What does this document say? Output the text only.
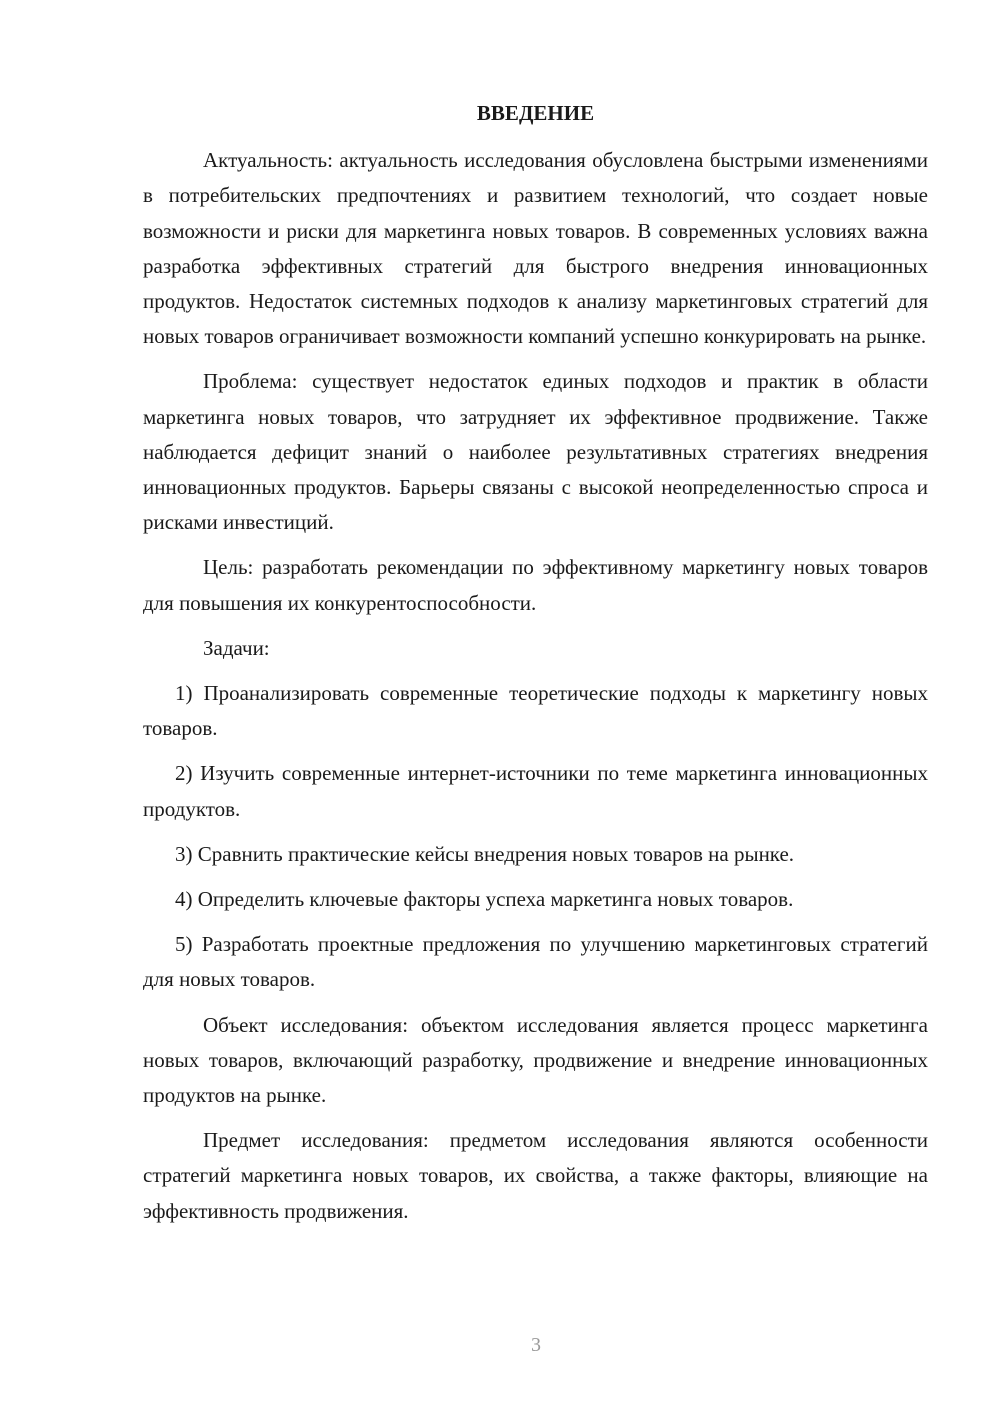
ВВЕДЕНИЕ

Актуальность: актуальность исследования обусловлена быстрыми изменениями в потребительских предпочтениях и развитием технологий, что создает новые возможности и риски для маркетинга новых товаров. В современных условиях важна разработка эффективных стратегий для быстрого внедрения инновационных продуктов. Недостаток системных подходов к анализу маркетинговых стратегий для новых товаров ограничивает возможности компаний успешно конкурировать на рынке.

Проблема: существует недостаток единых подходов и практик в области маркетинга новых товаров, что затрудняет их эффективное продвижение. Также наблюдается дефицит знаний о наиболее результативных стратегиях внедрения инновационных продуктов. Барьеры связаны с высокой неопределенностью спроса и рисками инвестиций.

Цель: разработать рекомендации по эффективному маркетингу новых товаров для повышения их конкурентоспособности.

Задачи:

1) Проанализировать современные теоретические подходы к маркетингу новых товаров.

2) Изучить современные интернет-источники по теме маркетинга инновационных продуктов.

3) Сравнить практические кейсы внедрения новых товаров на рынке.

4) Определить ключевые факторы успеха маркетинга новых товаров.

5) Разработать проектные предложения по улучшению маркетинговых стратегий для новых товаров.

Объект исследования: объектом исследования является процесс маркетинга новых товаров, включающий разработку, продвижение и внедрение инновационных продуктов на рынке.

Предмет исследования: предметом исследования являются особенности стратегий маркетинга новых товаров, их свойства, а также факторы, влияющие на эффективность продвижения.

3
